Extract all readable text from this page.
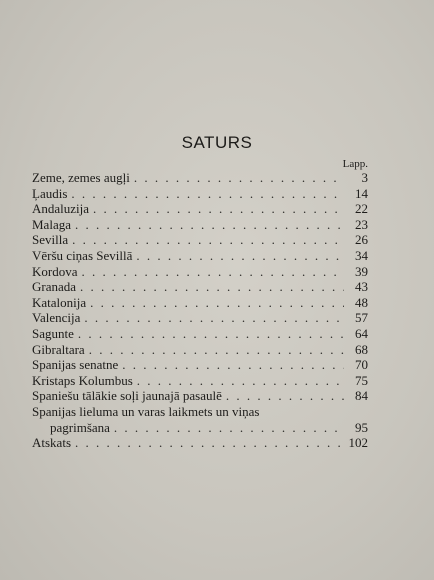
SATURS
Lapp.
Zeme, zemes augļi . . .	3
Ļaudis . . .	14
Andaluzija . . .	22
Malaga . . .	23
Sevilla . . .	26
Vēršu ciņas Sevillā . . .	34
Kordova . . .	39
Granada . . .	43
Katalonija . . .	48
Valencija . . .	57
Sagunte . . .	64
Gibraltara . . .	68
Spanijas senatne . . .	70
Kristaps Kolumbus . . .	75
Spaniešu tālākie soļi jaunajā pasaulē . . .	84
Spanijas lieluma un varas laikmets un viņas
pagrimšana . . .	95
Atskats . . .	102
